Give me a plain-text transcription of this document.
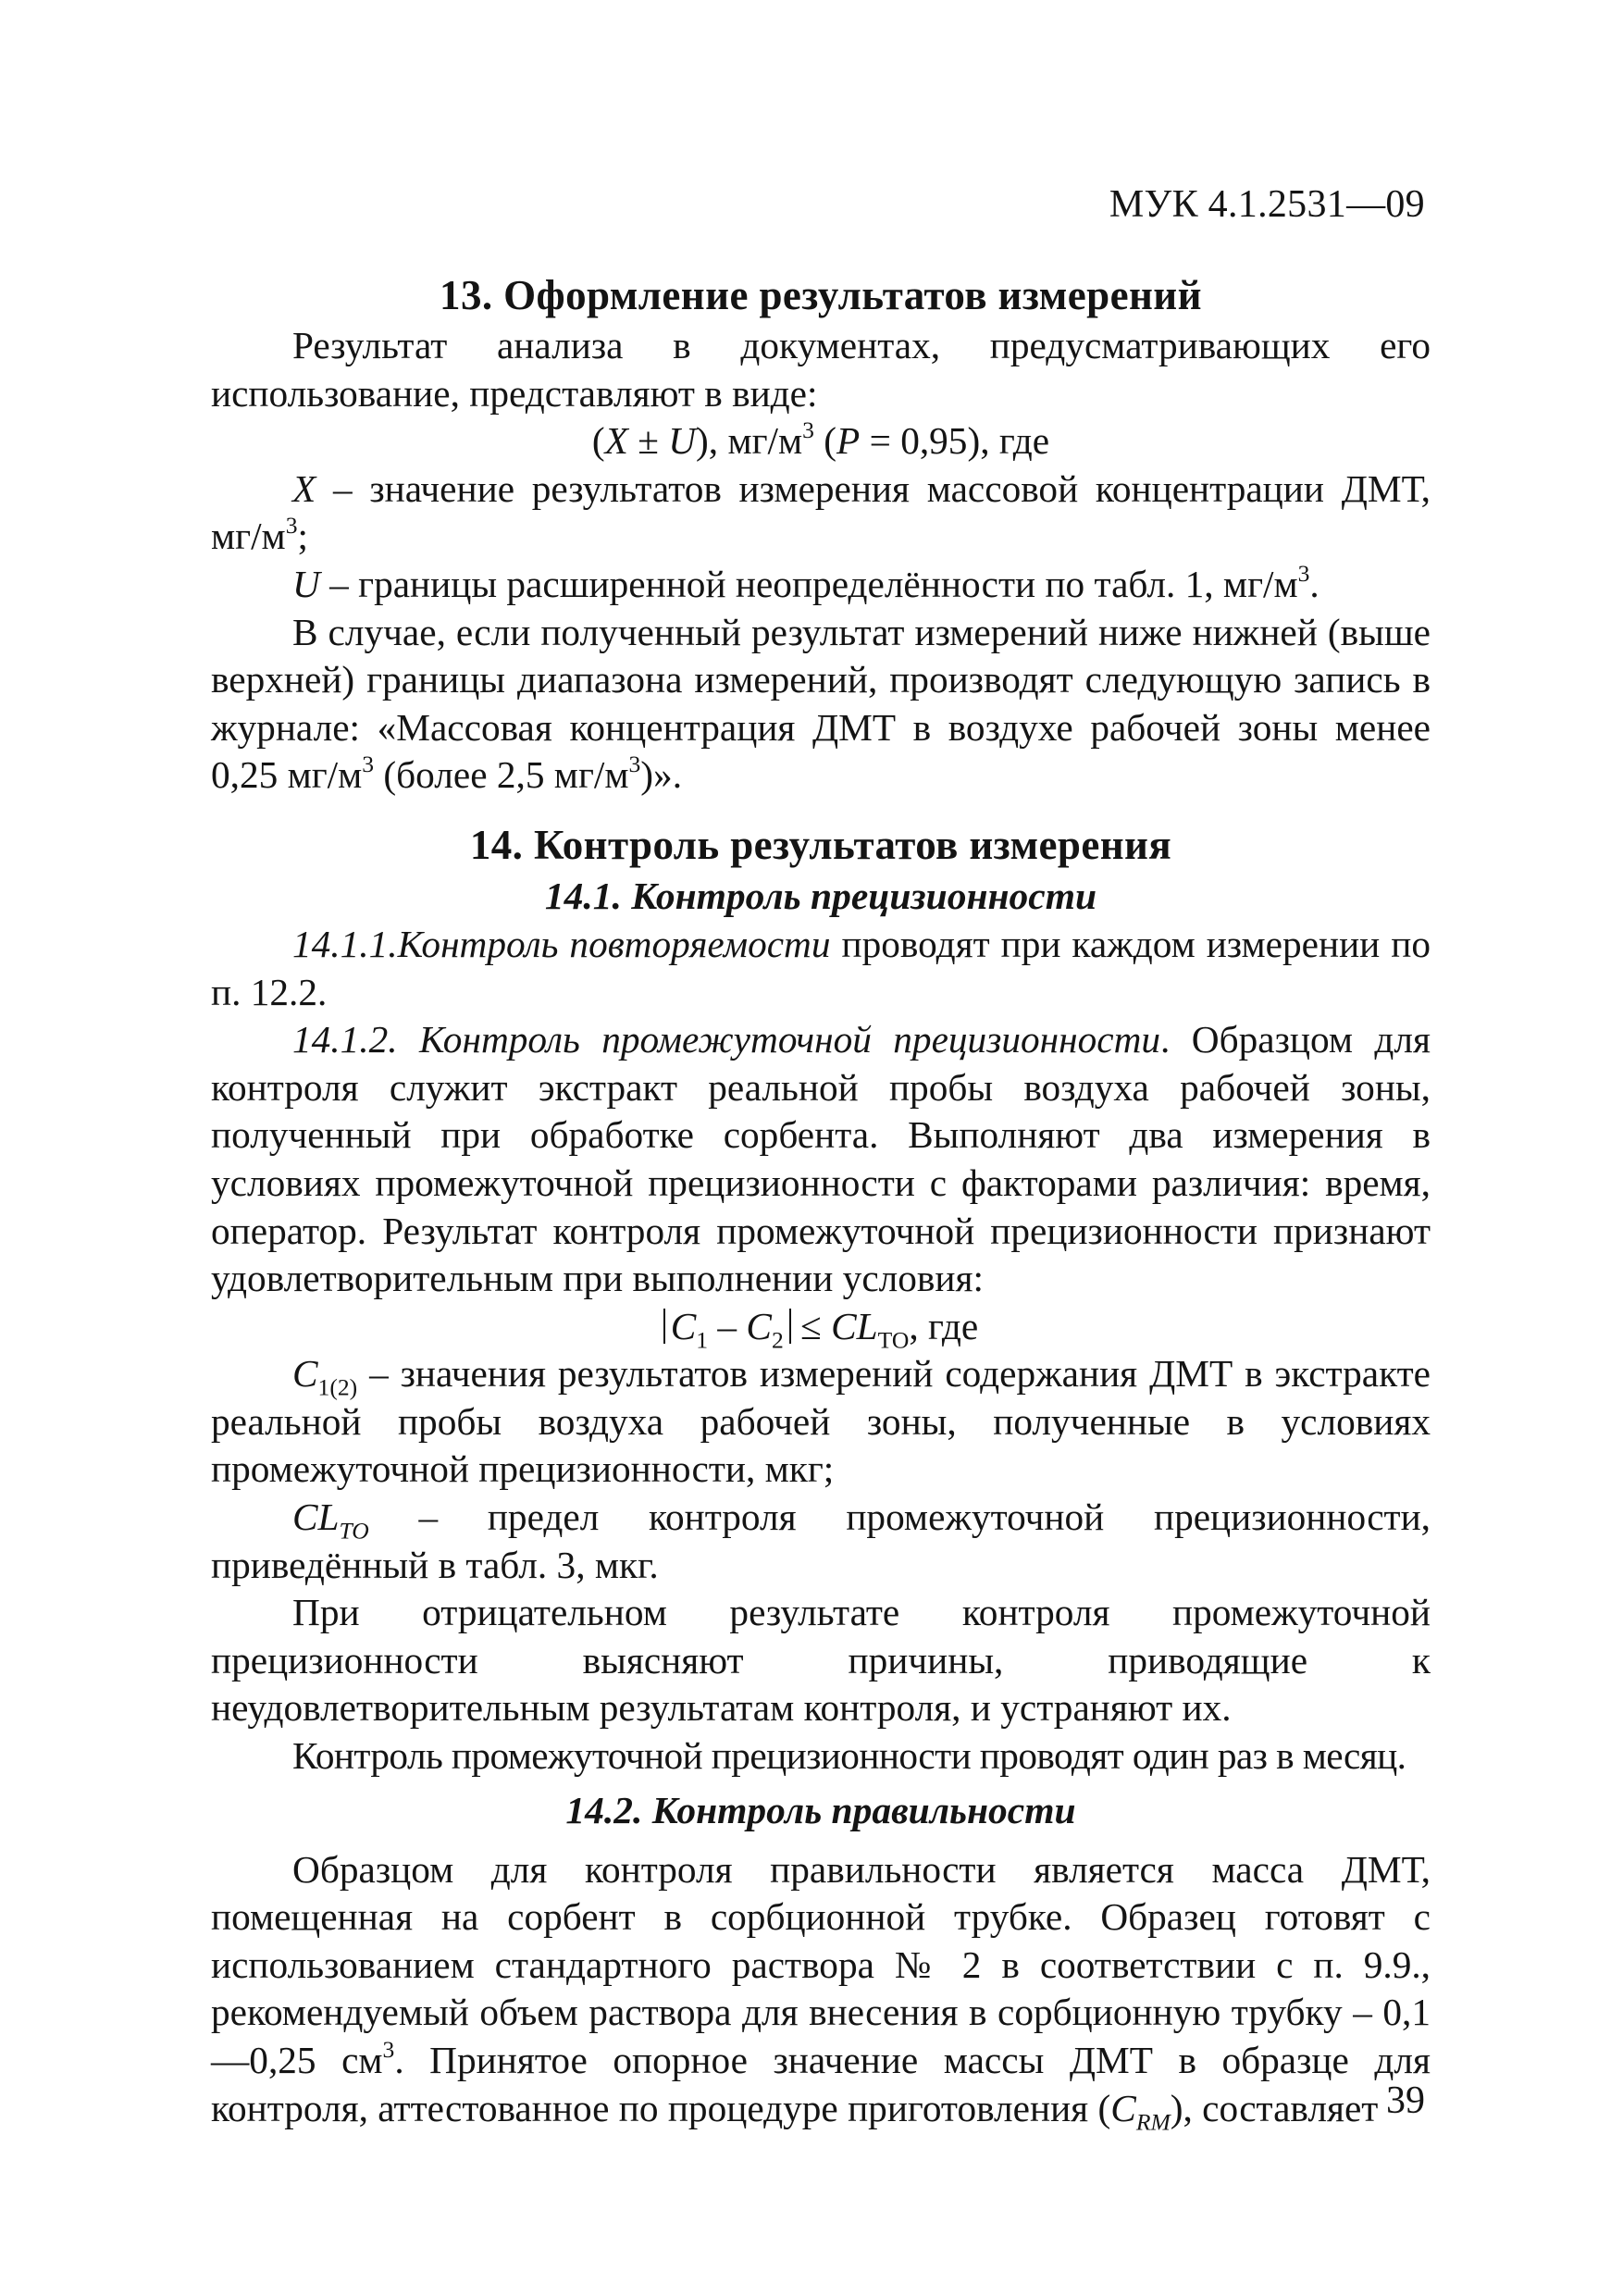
МУК 4.1.2531—09
13. Оформление результатов измерений

Результат анализа в документах, предусматривающих его использование, представляют в виде:

(X ± U), $мг/м^3$ (P = 0,95), где

X – значение результатов измерения массовой концентрации ДМТ, $мг/м^3$;

U – границы расширенной неопределённости по табл. 1, $мг/м^3$.

В случае, если полученный результат измерений ниже нижней (выше верхней) границы диапазона измерений, производят следующую запись в журнале: «Массовая концентрация ДМТ в воздухе рабочей зоны менее 0,25 $мг/м^3$ (более 2,5 $мг/м^3$)».

14. Контроль результатов измерения
14.1. Контроль прецизионности

14.1.1.Контроль повторяемости проводят при каждом измерении по п. 12.2.

14.1.2. Контроль промежуточной прецизионности. Образцом для контроля служит экстракт реальной пробы воздуха рабочей зоны, полученный при обработке сорбента. Выполняют два измерения в условиях промежуточной прецизионности с факторами различия: время, оператор. Результат контроля промежуточной прецизионности признают удовлетворительным при выполнении условия:

$C_1 - C_2 \le CL_{ТО}$, где

$C_{1(2)}$ – значения результатов измерений содержания ДМТ в экстракте реальной пробы воздуха рабочей зоны, полученные в условиях промежуточной прецизионности, мкг;

$CL_{TO}$ – предел контроля промежуточной прецизионности, приведённый в табл. 3, мкг.

При отрицательном результате контроля промежуточной прецизионности выясняют причины, приводящие к неудовлетворительным результатам контроля, и устраняют их.

Контроль промежуточной прецизионности проводят один раз в месяц.

14.2. Контроль правильности

Образцом для контроля правильности является масса ДМТ, помещенная на сорбент в сорбционной трубке. Образец готовят с использованием стандартного раствора № 2 в соответствии с п. 9.9., рекомендуемый объем раствора для внесения в сорбционную трубку – 0,1—0,25 $см^3$. Принятое опорное значение массы ДМТ в образце для контроля, аттестованное по процедуре приготовления $(C_{RM})$, составляет 39
